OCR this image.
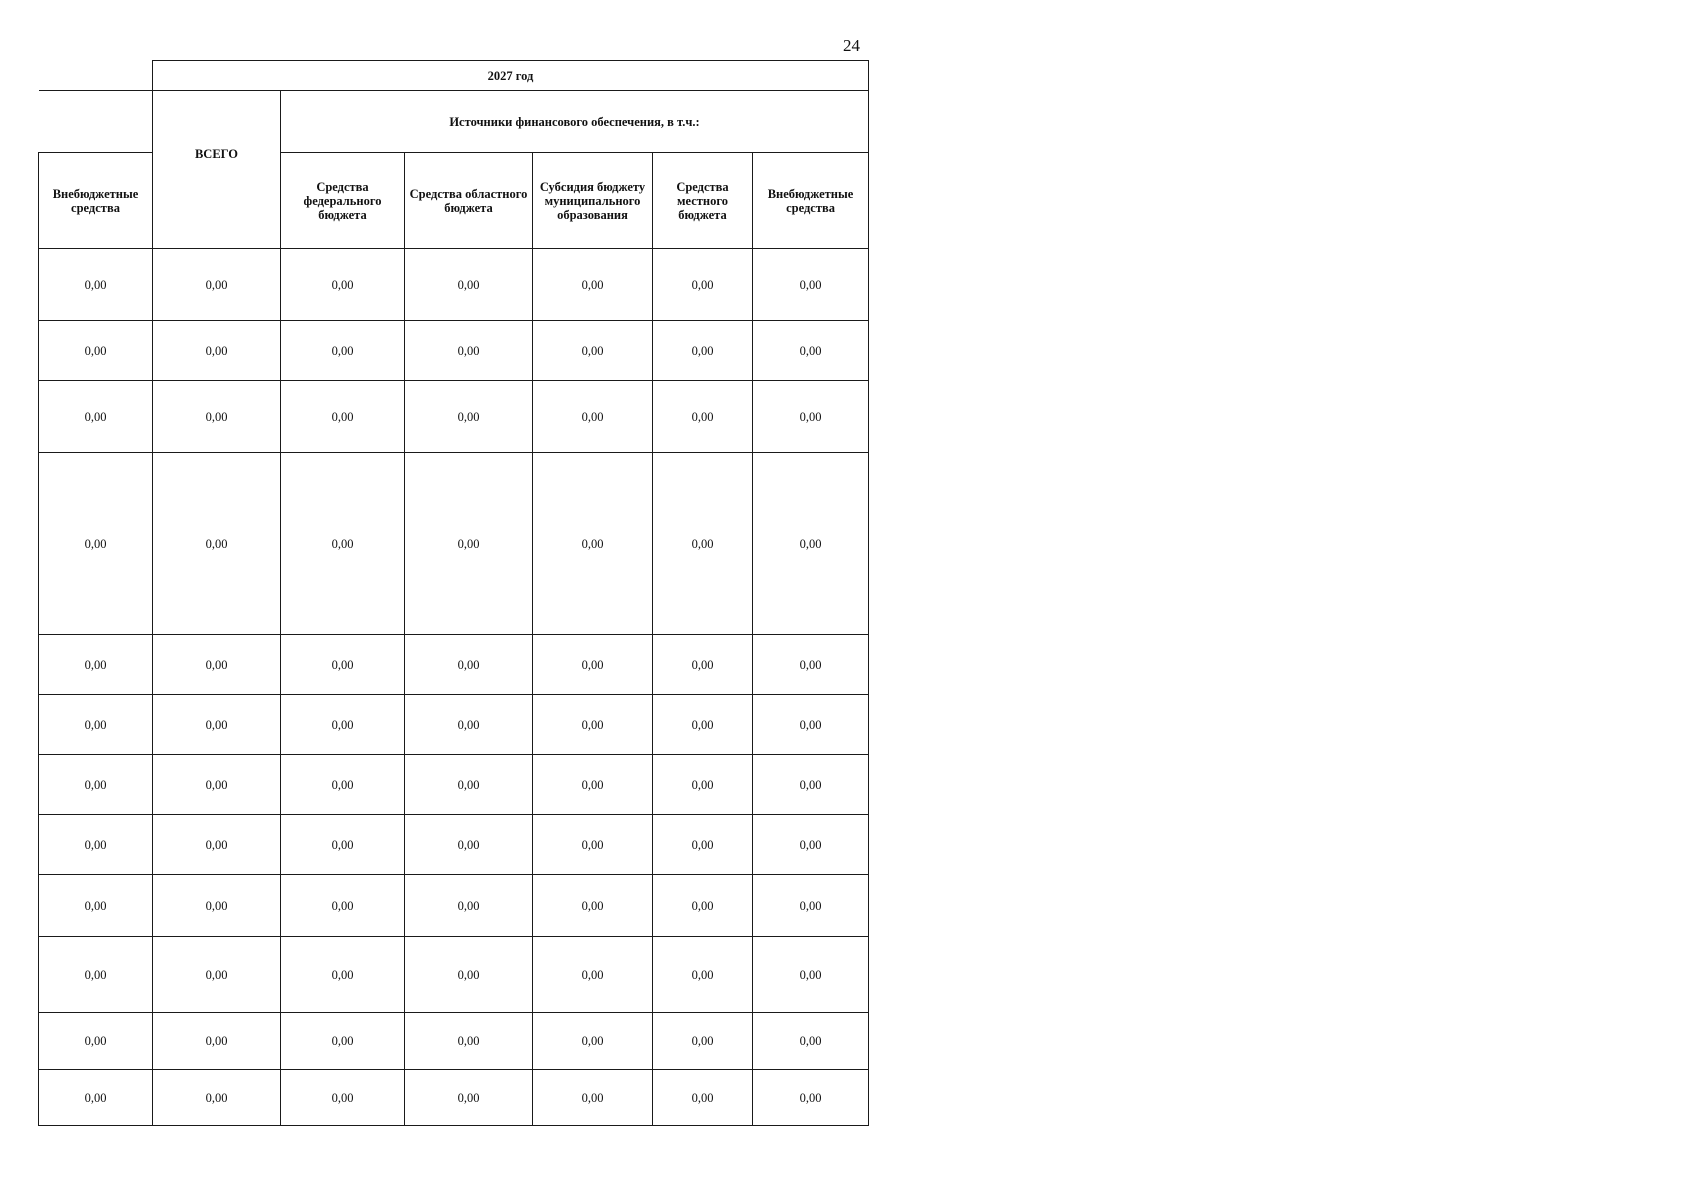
24
	2027 год					
	ВСЕГО	Источники финансового обеспечения, в т.ч.:				
Внебюджетные средства		Средства федерального бюджета	Средства областного бюджета	Субсидия бюджету муниципального образования	Средства местного бюджета	Внебюджетные средства
0,00	0,00	0,00	0,00	0,00	0,00	0,00
0,00	0,00	0,00	0,00	0,00	0,00	0,00
0,00	0,00	0,00	0,00	0,00	0,00	0,00
0,00	0,00	0,00	0,00	0,00	0,00	0,00
0,00	0,00	0,00	0,00	0,00	0,00	0,00
0,00	0,00	0,00	0,00	0,00	0,00	0,00
0,00	0,00	0,00	0,00	0,00	0,00	0,00
0,00	0,00	0,00	0,00	0,00	0,00	0,00
0,00	0,00	0,00	0,00	0,00	0,00	0,00
0,00	0,00	0,00	0,00	0,00	0,00	0,00
0,00	0,00	0,00	0,00	0,00	0,00	0,00
0,00	0,00	0,00	0,00	0,00	0,00	0,00
